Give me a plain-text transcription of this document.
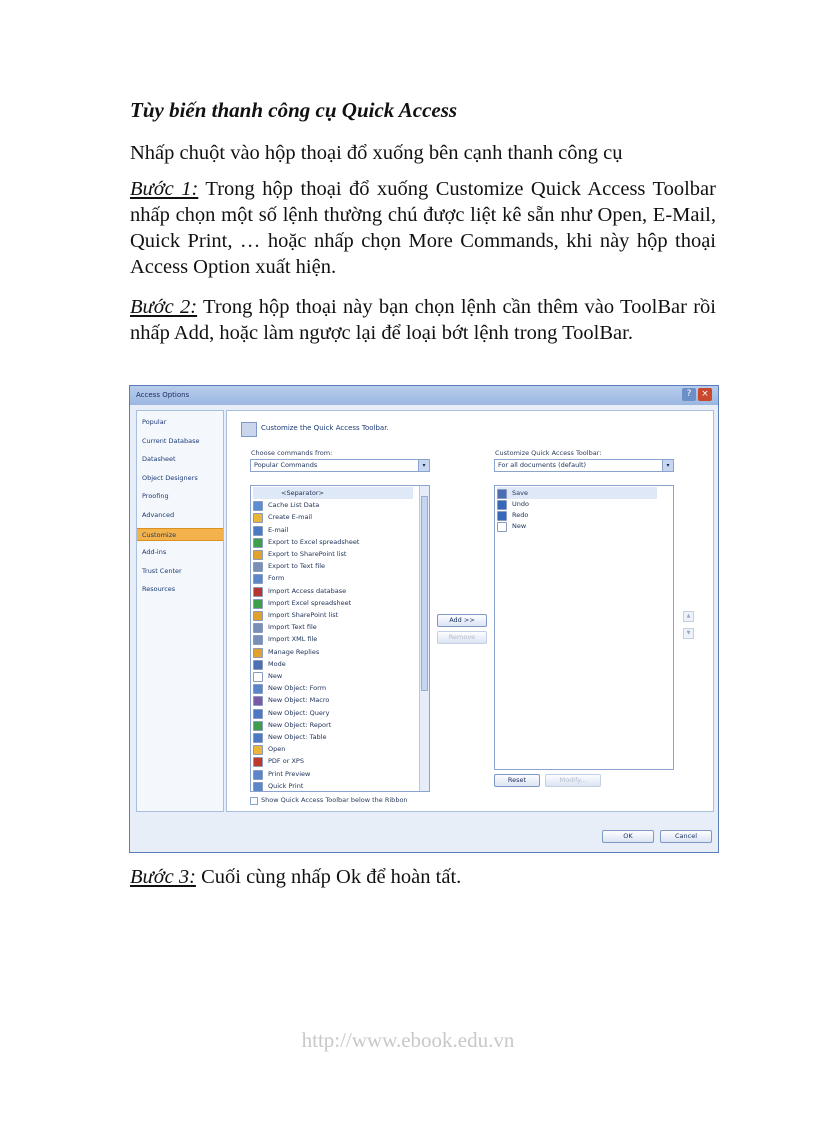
Tùy biến thanh công cụ Quick Access
Nhấp chuột vào hộp thoại đổ xuống bên cạnh thanh công cụ
Bước 1: Trong hộp thoại đổ xuống Customize Quick Access Toolbar nhấp chọn một số lệnh thường chú được liệt kê sẵn như Open, E-Mail, Quick Print, … hoặc nhấp chọn More Commands, khi này hộp thoại Access Option xuất hiện.
Bước 2: Trong hộp thoại này bạn chọn lệnh cần thêm vào ToolBar rồi nhấp Add, hoặc làm ngược lại để loại bớt lệnh trong ToolBar.
Access Options	?	×
Popular
Current Database
Datasheet
Object Designers
Proofing
Advanced
Customize
Add-ins
Trust Center
Resources
Customize the Quick Access Toolbar.
Choose commands from:
Popular Commands	▾
Customize Quick Access Toolbar:
For all documents (default)	▾
Quick Print
Print Preview
PDF or XPS
Open
New Object: Table
New Object: Report
New Object: Query
New Object: Macro
New Object: Form
New
Mode
Manage Replies
Import XML file
Import Text file
Import SharePoint list
Import Excel spreadsheet
Import Access database
Form
Export to Text file
Export to SharePoint list
Export to Excel spreadsheet
E-mail
Create E-mail
Cache List Data
<Separator>
Add >>
Remove
Save
Undo
Redo
New
▲
▼
Reset	Modify...
Show Quick Access Toolbar below the Ribbon
OK	Cancel
Bước 3: Cuối cùng nhấp Ok để hoàn tất.
http://www.ebook.edu.vn
